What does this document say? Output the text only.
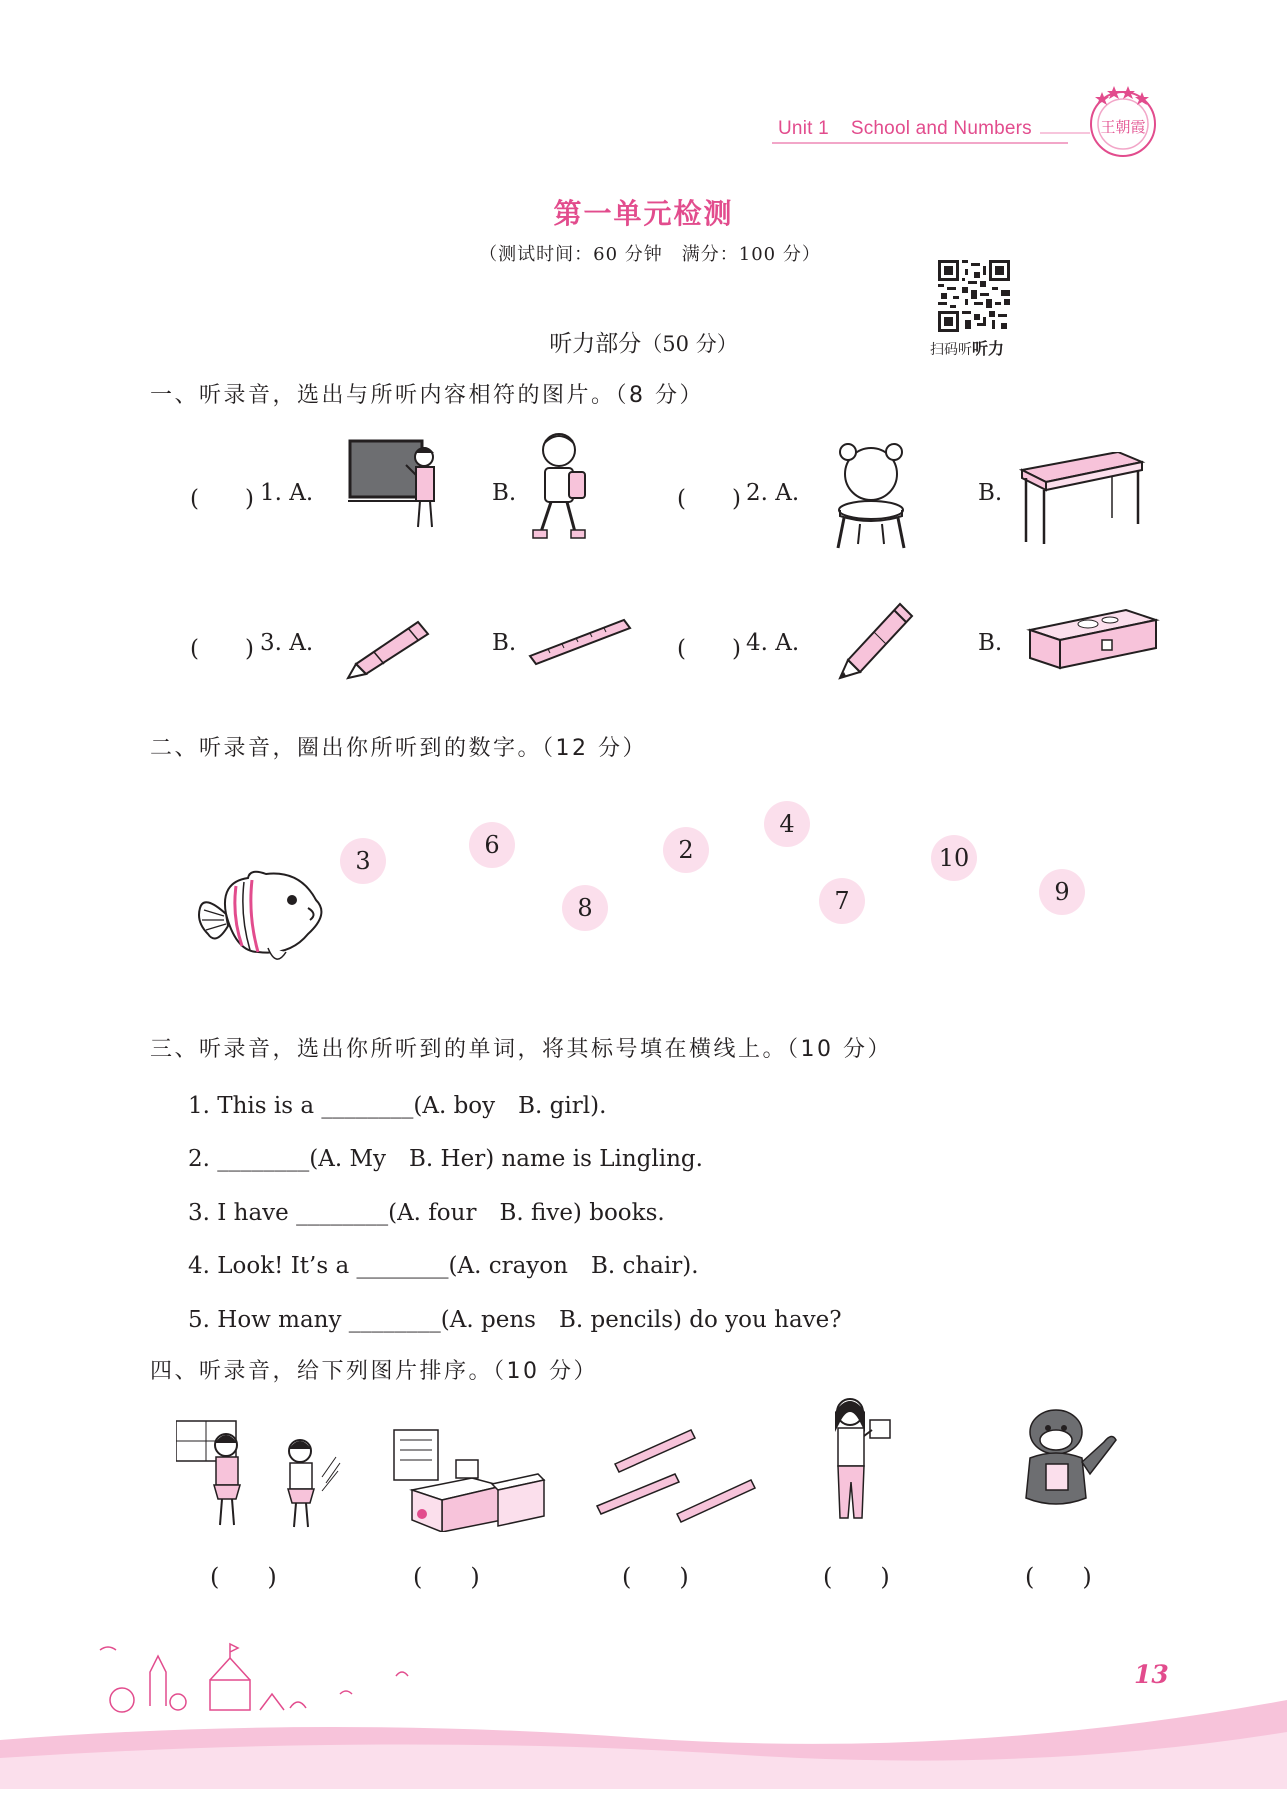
Unit 1 School and Numbers	王朝霞
第一单元检测
（测试时间：60 分钟　满分：100 分）
扫码听听力
听力部分（50 分）
一、听录音，选出与所听内容相符的图片。（8 分）
(　　) 1. A.	B.	(　　) 2. A.	B.
(　　) 3. A.	B.	(　　) 4. A.	B.
二、听录音，圈出你所听到的数字。（12 分）
3
6
8
2
4
7
10
9
三、听录音，选出你所听到的单词，将其标号填在横线上。（10 分）
1. This is a ________(A. boy　B. girl).
2. ________(A. My　B. Her) name is Lingling.
3. I have ________(A. four　B. five) books.
4. Look! It’s a ________(A. crayon　B. chair).
5. How many ________(A. pens　B. pencils) do you have?
四、听录音，给下列图片排序。（10 分）
(　　)	(　　)	(　　)	(　　)	(　　)
13
